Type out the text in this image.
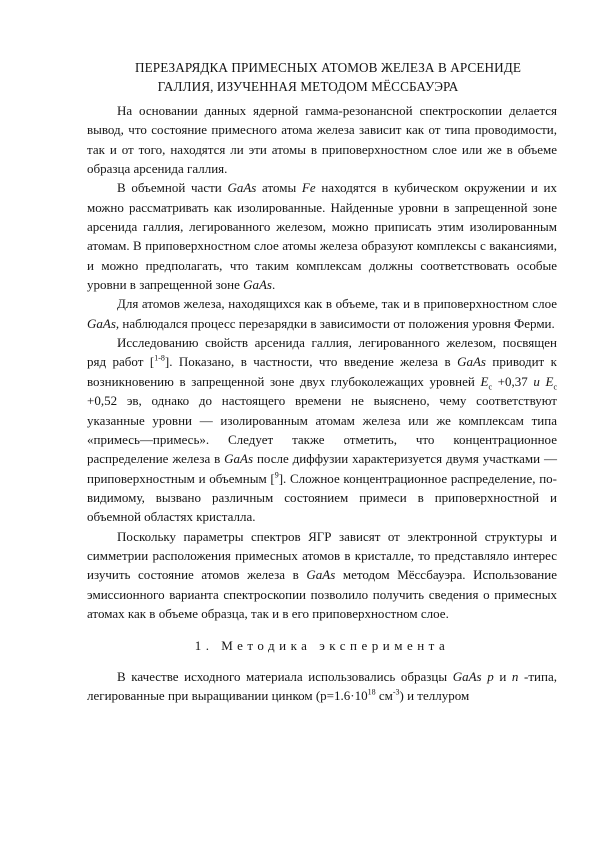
ПЕРЕЗАРЯДКА ПРИМЕСНЫХ АТОМОВ ЖЕЛЕЗА В АРСЕНИДЕ
ГАЛЛИЯ, ИЗУЧЕННАЯ МЕТОДОМ МЁССБАУЭРА

На основании данных ядерной гамма-резонансной спектроскопии делается вывод, что состояние примесного атома железа зависит как от типа проводимости, так и от того, находятся ли эти атомы в приповерхностном слое или же в объеме образца арсенида галлия.

В объемной части GaAs атомы Fe находятся в кубическом окружении и их можно рассматривать как изолированные. Найденные уровни в запрещенной зоне арсенида галлия, легированного железом, можно приписать этим изолированным атомам. В приповерхностном слое атомы железа образуют комплексы с вакансиями, и можно предполагать, что таким комплексам должны соответствовать особые уровни в запрещенной зоне GaAs.

Для атомов железа, находящихся как в объеме, так и в приповерхностном слое GaAs, наблюдался процесс перезарядки в зависимости от положения уровня Ферми.

Исследованию свойств арсенида галлия, легированного железом, посвящен ряд работ [$^{1-8}$]. Показано, в частности, что введение железа в GaAs приводит к возникновению в запрещенной зоне двух глубоколежащих уровней $E_c +0,37$ и $E_c +0,52$ эв, однако до настоящего времени не выяснено, чему соответствуют указанные уровни — изолированным атомам железа или же комплексам типа «примесь—примесь». Следует также отметить, что концентрационное распределение железа в GaAs после диффузии характеризуется двумя участками — приповерхностным и объемным [$^9$]. Сложное концентрационное распределение, по-видимому, вызвано различным состоянием примеси в приповерхностной и объемной областях кристалла.

Поскольку параметры спектров ЯГР зависят от электронной структуры и симметрии расположения примесных атомов в кристалле, то представляло интерес изучить состояние атомов железа в GaAs методом Мёссбауэра. Использование эмиссионного варианта спектроскопии позволило получить сведения о примесных атомах как в объеме образца, так и в его приповерхностном слое.

1. Методика эксперимента

В качестве исходного материала использовались образцы GaAs p и n -типа, легированные при выращивании цинком ($p=1.6\cdot 10^{18}$ $см^{-3}$) и теллуром
